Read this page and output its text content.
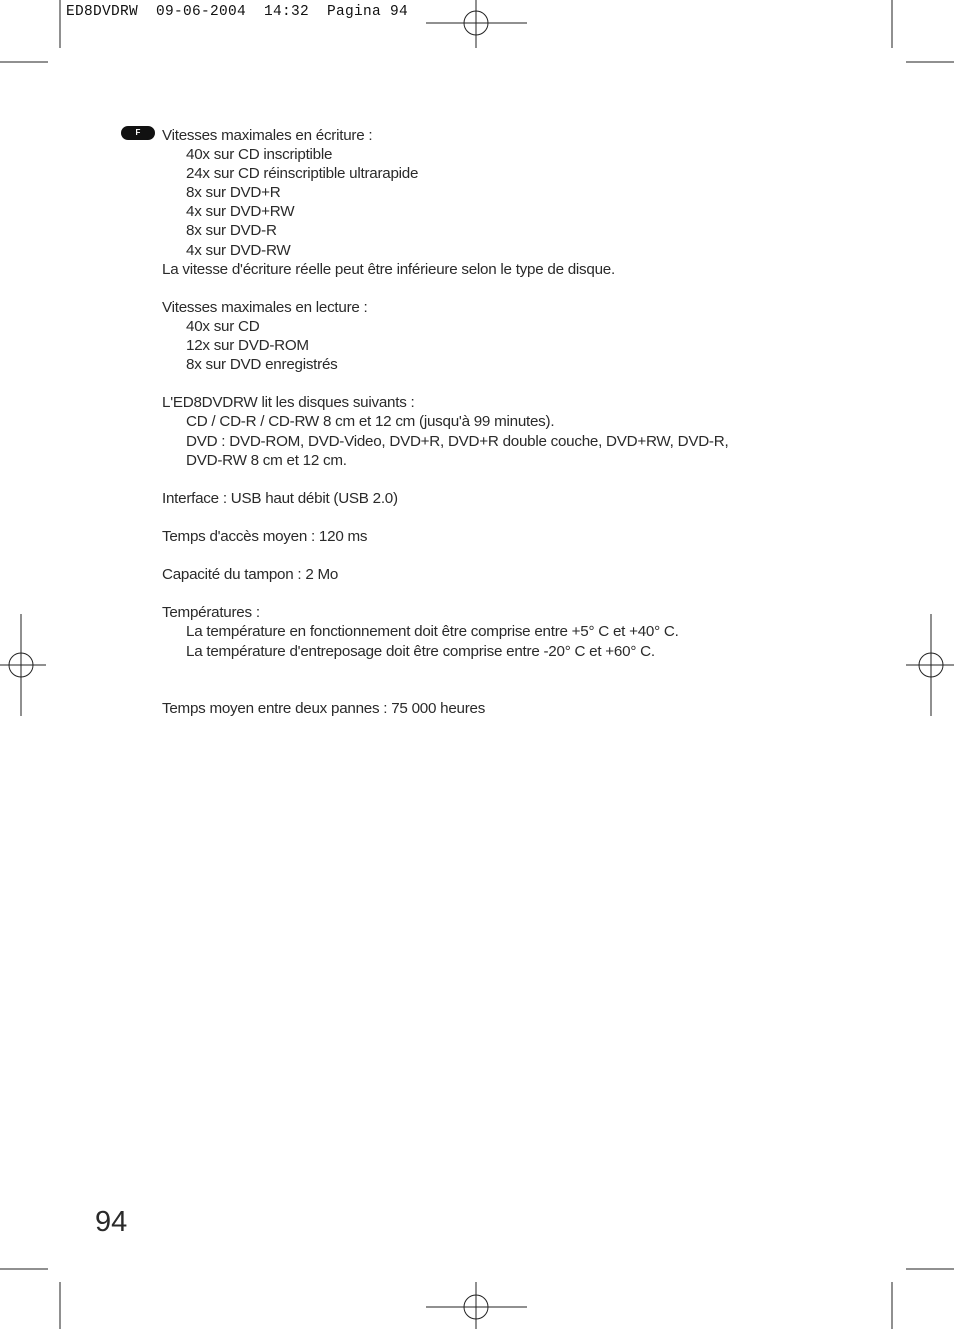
ED8DVDRW  09-06-2004  14:32  Pagina 94
F	Vitesses maximales en écriture :

40x sur CD inscriptible

24x sur CD réinscriptible ultrarapide

8x sur DVD+R

4x sur DVD+RW

8x sur DVD-R

4x sur DVD-RW

La vitesse d'écriture réelle peut être inférieure selon le type de disque.

Vitesses maximales en lecture :

40x sur CD

12x sur DVD-ROM

8x sur DVD enregistrés

L'ED8DVDRW lit les disques suivants :

CD / CD-R / CD-RW 8 cm et 12 cm (jusqu'à 99 minutes).

DVD : DVD-ROM, DVD-Video, DVD+R, DVD+R double couche, DVD+RW, DVD-R,

DVD-RW 8 cm et 12 cm.

Interface : USB haut débit (USB 2.0)

Temps d'accès moyen : 120 ms

Capacité du tampon : 2 Mo

Températures :

La température en fonctionnement doit être comprise entre +5° C et +40° C.

La température d'entreposage doit être comprise entre -20° C et +60° C.

Temps moyen entre deux pannes : 75 000 heures

94
